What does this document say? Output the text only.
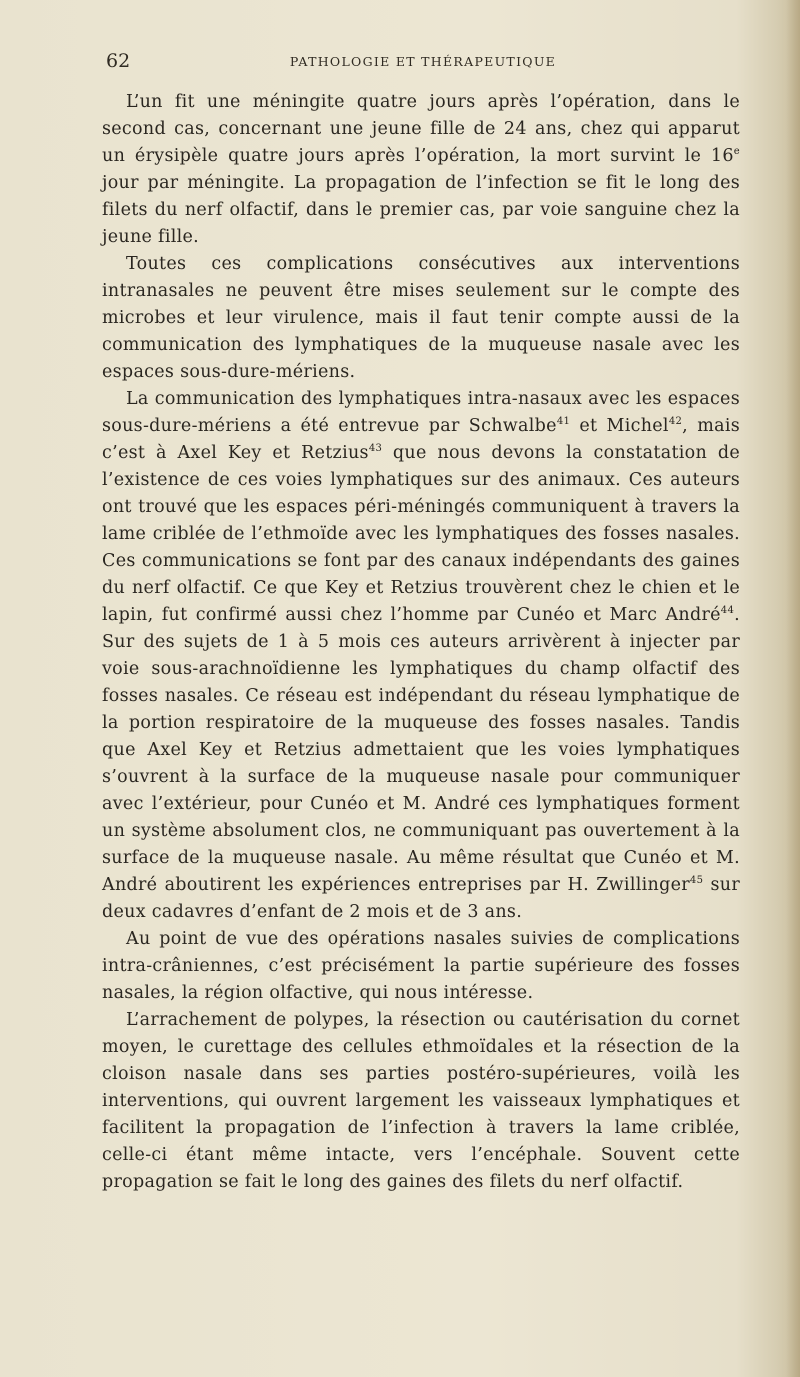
62	PATHOLOGIE ET THÉRAPEUTIQUE

L’un fit une méningite quatre jours après l’opération, dans le second cas, concernant une jeune fille de 24 ans, chez qui apparut un érysipèle quatre jours après l’opération, la mort survint le 16e jour par méningite. La propagation de l’infection se fit le long des filets du nerf olfactif, dans le premier cas, par voie sanguine chez la jeune fille.

Toutes ces complications consécutives aux interventions intranasales ne peuvent être mises seulement sur le compte des microbes et leur virulence, mais il faut tenir compte aussi de la communication des lymphatiques de la muqueuse nasale avec les espaces sous-dure-mériens.

La communication des lymphatiques intra-nasaux avec les espaces sous-dure-mériens a été entrevue par Schwalbe$^{41}$ et Michel$^{42}$, mais c’est à Axel Key et Retzius$^{43}$ que nous devons la constatation de l’existence de ces voies lymphatiques sur des animaux. Ces auteurs ont trouvé que les espaces péri-méningés communiquent à travers la lame criblée de l’ethmoïde avec les lymphatiques des fosses nasales. Ces communications se font par des canaux indépendants des gaines du nerf olfactif. Ce que Key et Retzius trouvèrent chez le chien et le lapin, fut confirmé aussi chez l’homme par Cunéo et Marc André$^{44}$. Sur des sujets de 1 à 5 mois ces auteurs arrivèrent à injecter par voie sous-arachnoïdienne les lymphatiques du champ olfactif des fosses nasales. Ce réseau est indépendant du réseau lymphatique de la portion respiratoire de la muqueuse des fosses nasales. Tandis que Axel Key et Retzius admettaient que les voies lymphatiques s’ouvrent à la surface de la muqueuse nasale pour communiquer avec l’extérieur, pour Cunéo et M. André ces lymphatiques forment un système absolument clos, ne communiquant pas ouvertement à la surface de la muqueuse nasale. Au même résultat que Cunéo et M. André aboutirent les expériences entreprises par H. Zwillinger$^{45}$ sur deux cadavres d’enfant de 2 mois et de 3 ans.

Au point de vue des opérations nasales suivies de complications intra-crâniennes, c’est précisément la partie supérieure des fosses nasales, la région olfactive, qui nous intéresse.

L’arrachement de polypes, la résection ou cautérisation du cornet moyen, le curettage des cellules ethmoïdales et la résection de la cloison nasale dans ses parties postéro-supérieures, voilà les interventions, qui ouvrent largement les vaisseaux lymphatiques et facilitent la propagation de l’infection à travers la lame criblée, celle-ci étant même intacte, vers l’encéphale. Souvent cette propagation se fait le long des gaines des filets du nerf olfactif.
